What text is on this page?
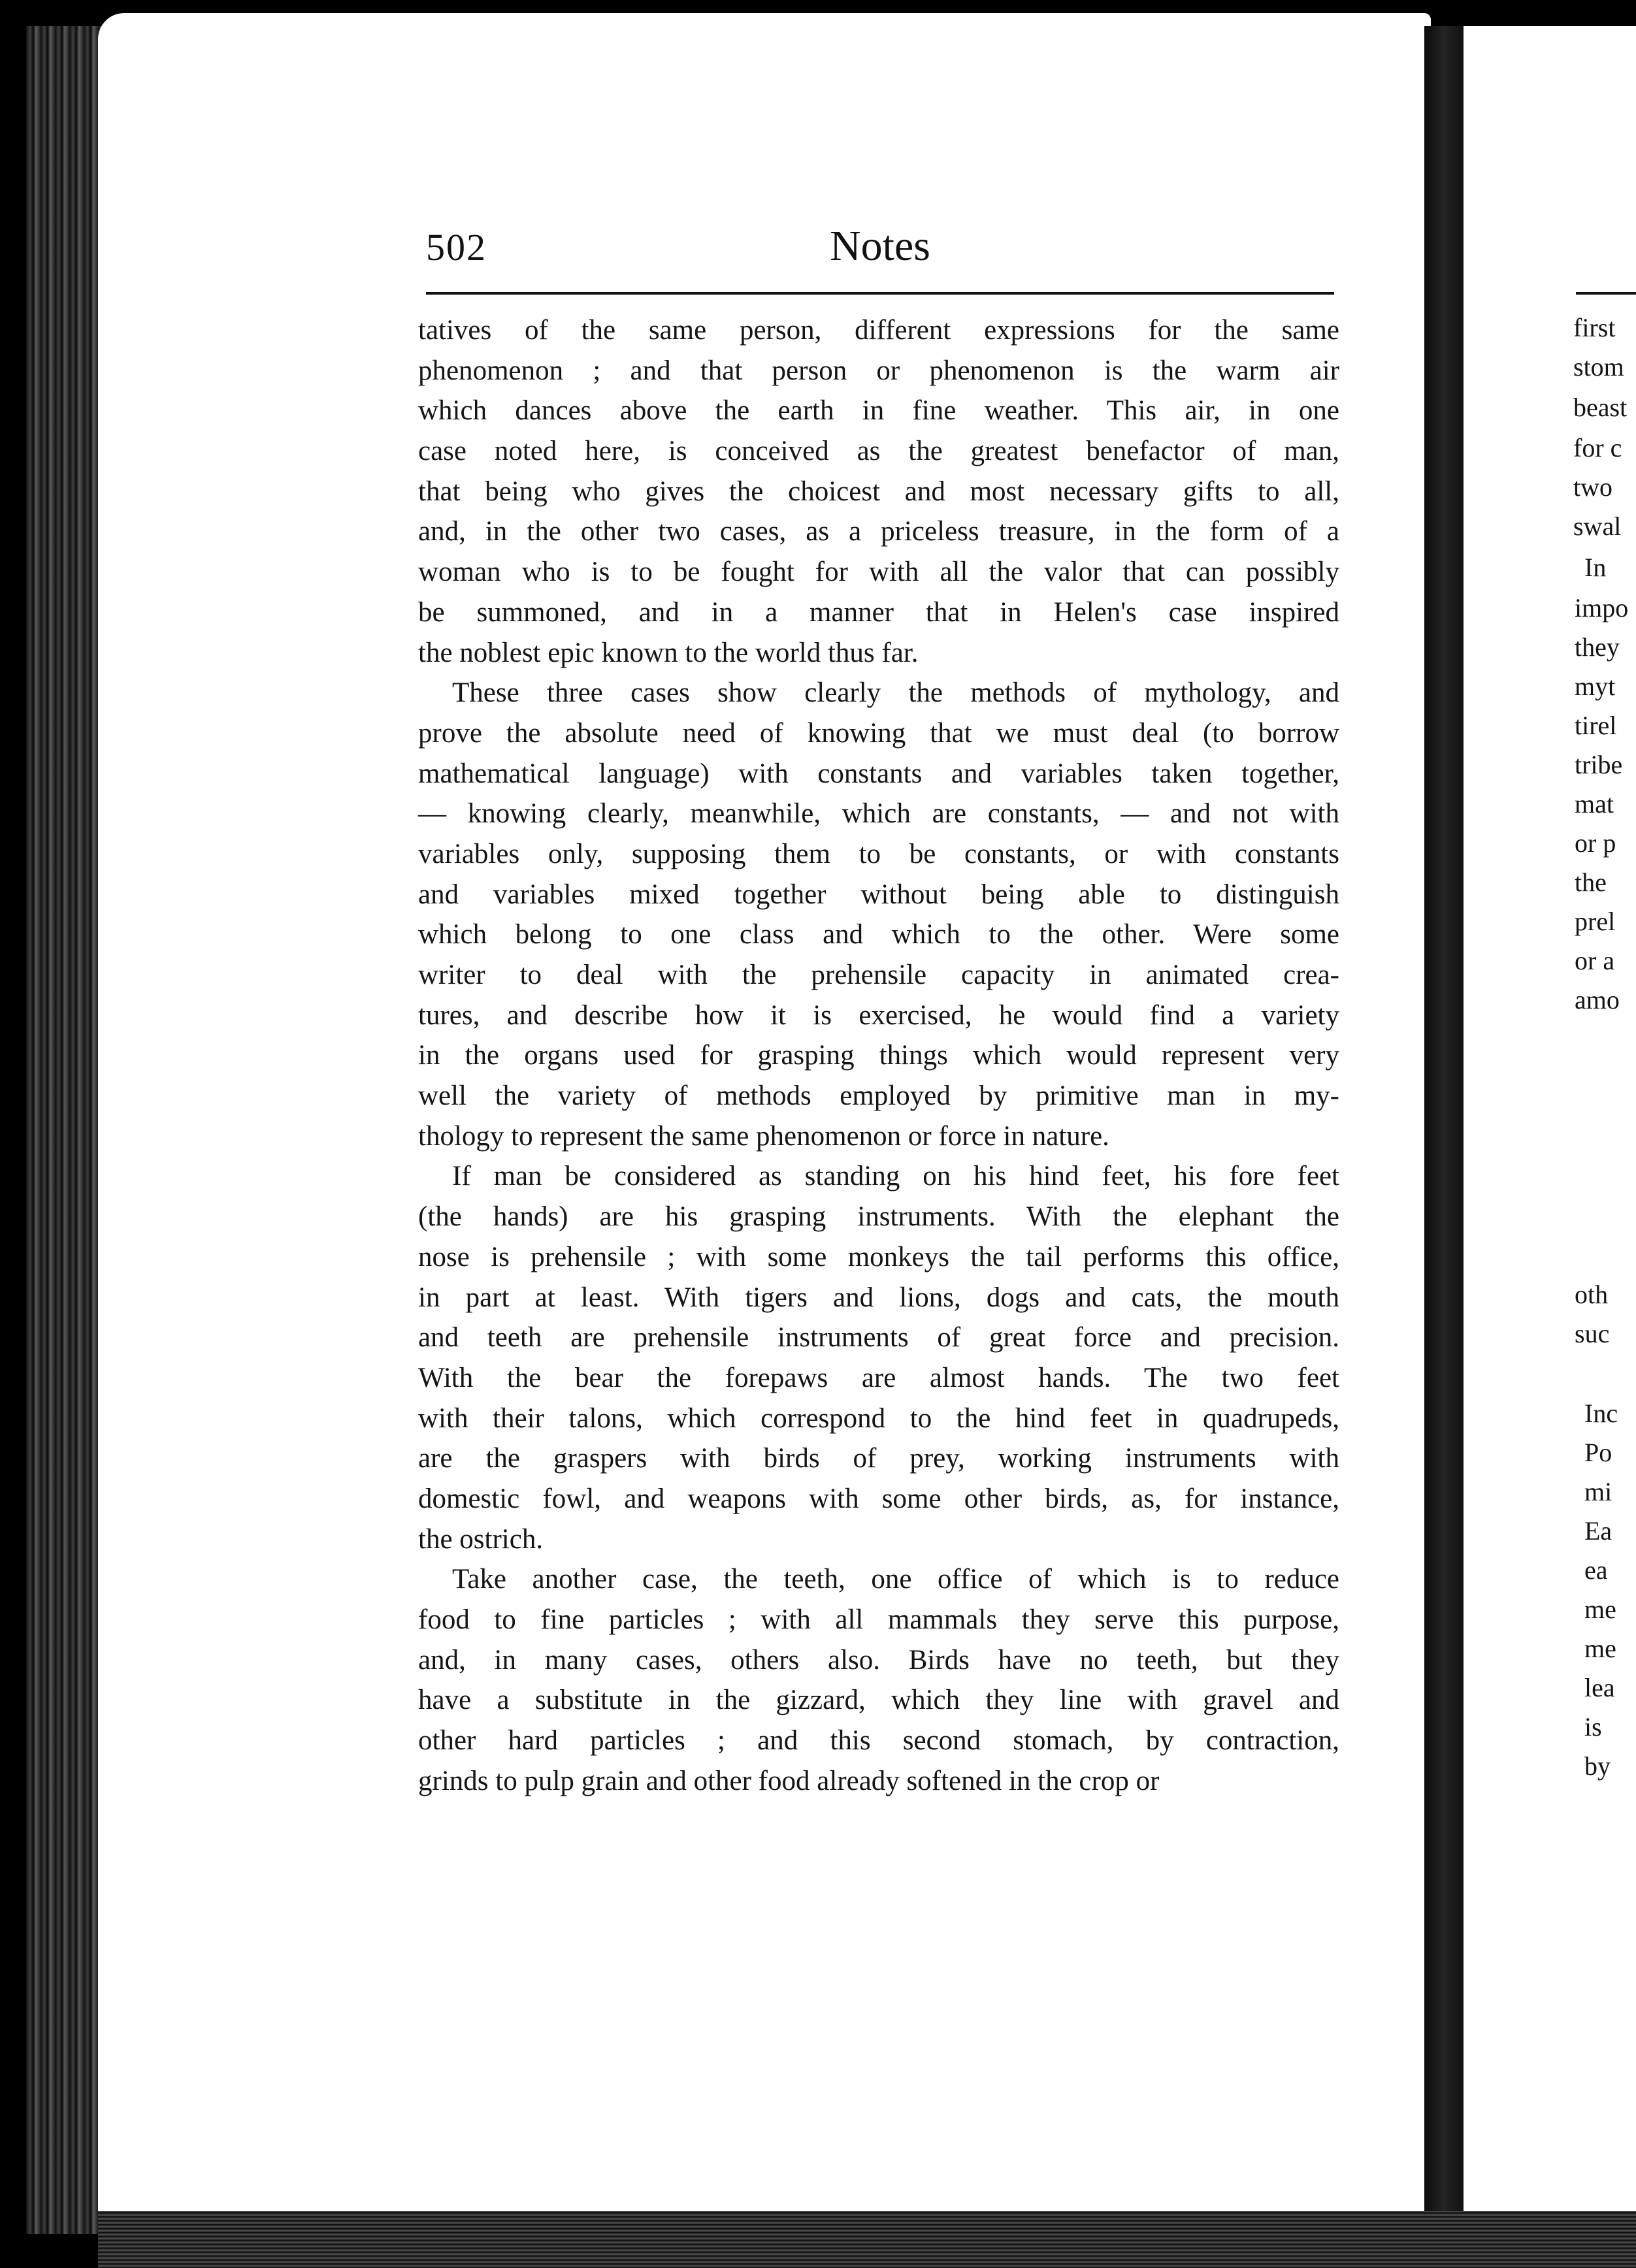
502	Notes
tatives of the same person, different expressions for the same
phenomenon ; and that person or phenomenon is the warm air
which dances above the earth in fine weather. This air, in one
case noted here, is conceived as the greatest benefactor of man,
that being who gives the choicest and most necessary gifts to all,
and, in the other two cases, as a priceless treasure, in the form of a
woman who is to be fought for with all the valor that can possibly
be summoned, and in a manner that in Helen's case inspired
the noblest epic known to the world thus far.
These three cases show clearly the methods of mythology, and
prove the absolute need of knowing that we must deal (to borrow
mathematical language) with constants and variables taken together,
— knowing clearly, meanwhile, which are constants, — and not with
variables only, supposing them to be constants, or with constants
and variables mixed together without being able to distinguish
which belong to one class and which to the other. Were some
writer to deal with the prehensile capacity in animated crea-
tures, and describe how it is exercised, he would find a variety
in the organs used for grasping things which would represent very
well the variety of methods employed by primitive man in my-
thology to represent the same phenomenon or force in nature.
If man be considered as standing on his hind feet, his fore feet
(the hands) are his grasping instruments. With the elephant the
nose is prehensile ; with some monkeys the tail performs this office,
in part at least. With tigers and lions, dogs and cats, the mouth
and teeth are prehensile instruments of great force and precision.
With the bear the forepaws are almost hands. The two feet
with their talons, which correspond to the hind feet in quadrupeds,
are the graspers with birds of prey, working instruments with
domestic fowl, and weapons with some other birds, as, for instance,
the ostrich.
Take another case, the teeth, one office of which is to reduce
food to fine particles ; with all mammals they serve this purpose,
and, in many cases, others also. Birds have no teeth, but they
have a substitute in the gizzard, which they line with gravel and
other hard particles ; and this second stomach, by contraction,
grinds to pulp grain and other food already softened in the crop or
first
stom
beast
for c
two
swal
In
impo
they
myt
tirel
tribe
mat
or p
the
prel
or a
amo
oth
suc
Inc
Po
mi
Ea
ea
me
me
lea
is
by
